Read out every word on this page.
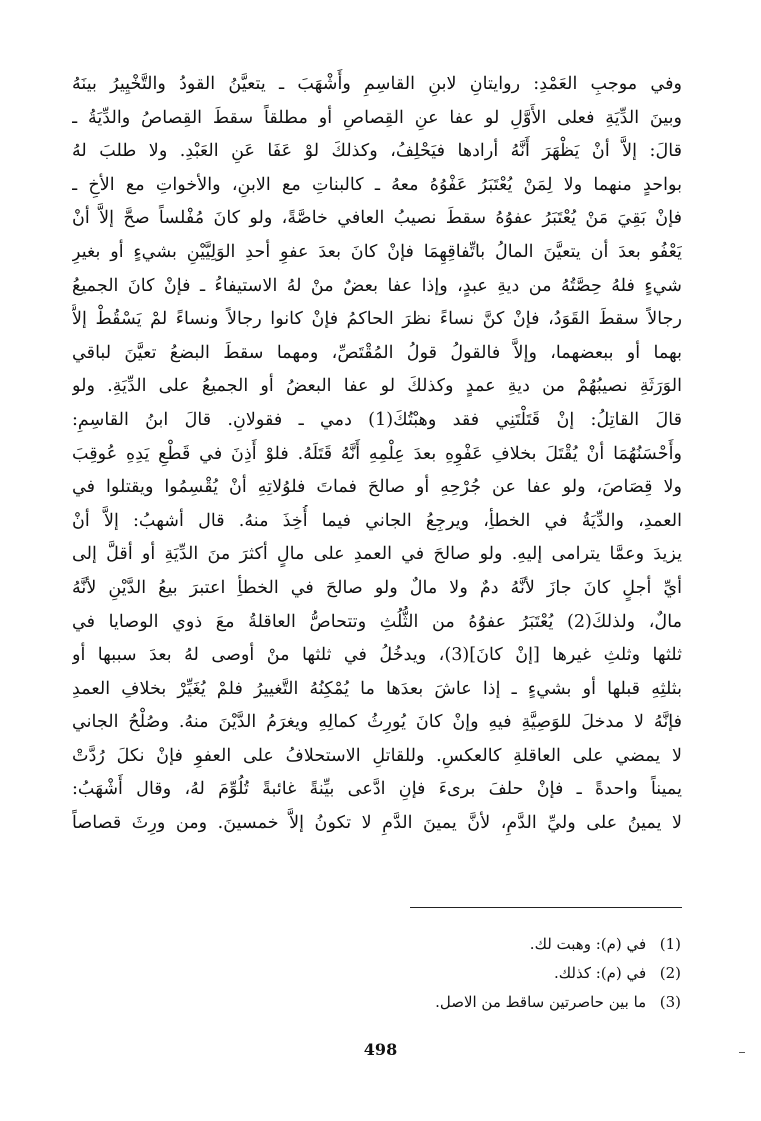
وفي موجبِ العَمْدِ: روايتانِ لابنِ القاسِمِ وأَشْهَبَ ـ يتعيَّنُ القودُ والتَّخْيِيرُ بينَهُ
وبينَ الدِّيَةِ فعلى الأَوَّلِ لو عفا عنِ القِصاصِ أو مطلقاً سقطَ القِصاصُ والدِّيَةُ ـ
قالَ: إلاَّ أنْ يَظْهَرَ أَنَّهُ أرادها فيَحْلِفُ، وكذلكَ لوْ عَفَا عَنِ العَبْدِ. ولا طلبَ لهُ
بواحدٍ منهما ولا لِمَنْ يُعْتَبَرُ عَفْوُهُ معهُ ـ كالبناتِ مع الابنِ، والأخواتِ مع الأخِ ـ
فإنْ بَقِيَ مَنْ يُعْتَبَرُ عفوُهُ سقطَ نصيبُ العافي خاصَّةً، ولو كانَ مُفْلساً صحَّ إلاَّ أنْ
يَعْفُو بعدَ أن يتعيَّنَ المالُ باتِّفاقِهِمَا فإنْ كانَ بعدَ عفوِ أحدِ الوَلِيَّيْنِ بشيءٍ أو بغيرِ
شيءٍ فلهُ حِصَّتُهُ من ديةِ عبدٍ، وإذا عفا بعضٌ منْ لهُ الاستيفاءُ ـ فإنْ كانَ الجميعُ
رجالاً سقطَ القَوَدُ، فإنْ كنَّ نساءً نظرَ الحاكمُ فإنْ كانوا رجالاً ونساءً لمْ يَسْقُطْ إلاَّ
بهما أو ببعضهما، وإلاَّ فالقولُ قولُ المُقْتَصِّ، ومهما سقطَ البضعُ تعيَّنَ لباقي
الوَرَثَةِ نصيبُهُمْ من ديةِ عمدٍ وكذلكَ لو عفا البعضُ أو الجميعُ على الدِّيَةِ. ولو
قالَ القاتِلُ: إنْ قَتَلْتَنِي فقد وهبْتُكَ(1) دمي ـ فقولانِ. قالَ ابنُ القاسِمِ:
وأَحْسَنُهُمَا أنْ يُقْتَلَ بخلافِ عَفْوِهِ بعدَ عِلْمِهِ أَنَّهُ قَتَلَهُ. فلوْ أَذِنَ في قَطْعِ يَدِهِ عُوقِبَ
ولا قِصَاصَ، ولو عفا عن جُرْحِهِ أو صالحَ فماتَ فلوُلاتِهِ أنْ يُقْسِمُوا ويقتلوا في
العمدِ، والدِّيَةُ في الخطأِ، ويرجِعُ الجاني فيما أُخِذَ منهُ. قال أشهبُ: إلاَّ أنْ
يزيدَ وعمَّا يترامى إليهِ. ولو صالحَ في العمدِ على مالٍ أكثرَ منَ الدِّيَةِ أو أقلَّ إلى
أيِّ أجلٍ كانَ جازَ لأنَّهُ دمٌ ولا مالٌ ولو صالحَ في الخطأِ اعتبرَ بيعُ الدَّيْنِ لأنَّهُ
مالٌ، ولذلكَ(2) يُعْتَبَرُ عفوُهُ من الثُّلُثِ وتتحاصُّ العاقلةُ معَ ذوي الوصايا في
ثلثها وثلثِ غيرها [إنْ كانَ](3)، ويدخُلُ في ثلثها منْ أوصى لهُ بعدَ سببها أو
بثلثِهِ قبلها أو بشيءٍ ـ إذا عاشَ بعدَها ما يُمْكِنُهُ التَّغييرُ فلمْ يُغَيِّرْ بخلافِ العمدِ
فإنَّهُ لا مدخلَ للوَصِيَّةِ فيهِ وإنْ كانَ يُورِثُ كمالِهِ ويغرَمُ الدَّيْنَ منهُ. وصُلْحُ الجاني
لا يمضي على العاقلةِ كالعكسِ. وللقاتلِ الاستحلافُ على العفوِ فإنْ نكلَ رُدَّتْ
يميناً واحدةً ـ فإنْ حلفَ برىءَ فإنِ ادَّعى بيِّنةً غائبةً تُلُوِّمَ لهُ، وقال أَشْهَبُ:
لا يمينُ على وليِّ الدَّمِ، لأنَّ يمينَ الدَّمِ لا تكونُ إلاَّ خمسينَ. ومن ورِثَ قصاصاً
(1) في (م): وهبت لك.
(2) في (م): كذلك.
(3) ما بين حاصرتين ساقط من الاصل.
498
